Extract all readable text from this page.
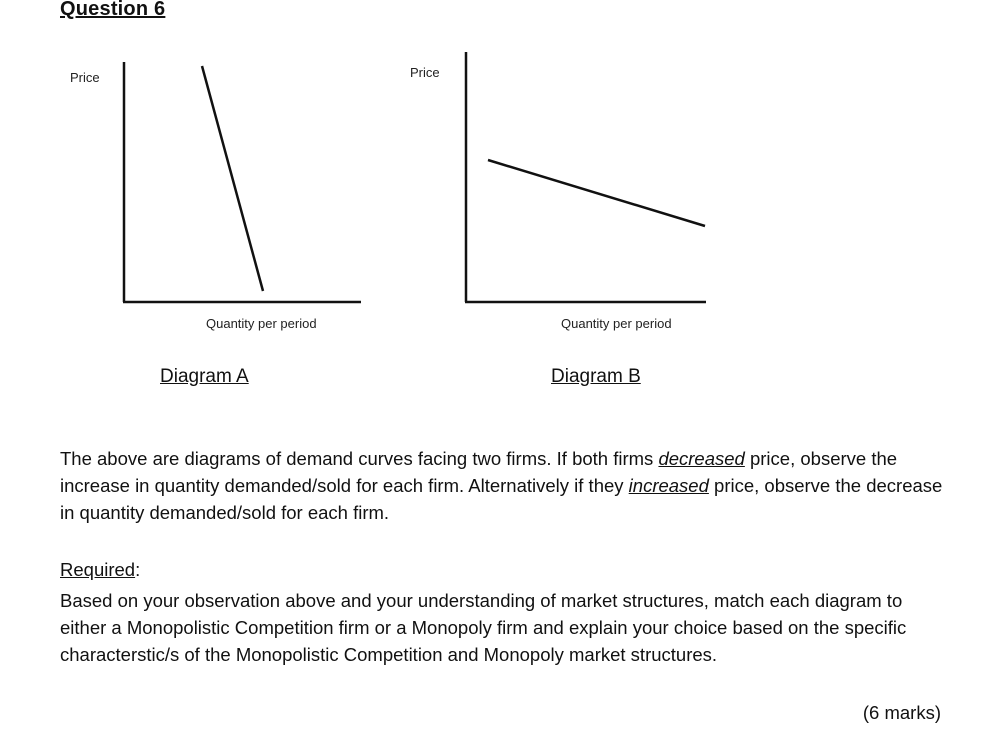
Question 6
Price
Quantity per period
Price
Quantity per period
Diagram A	Diagram B
The above are diagrams of demand curves facing two firms. If both firms decreased price, observe the increase in quantity demanded/sold for each firm. Alternatively if they increased price, observe the decrease in quantity demanded/sold for each firm.
Required:
Based on your observation above and your understanding of market structures, match each diagram to either a Monopolistic Competition firm or a Monopoly firm and explain your choice based on the specific characterstic/s of the Monopolistic Competition and Monopoly market structures.
(6 marks)
